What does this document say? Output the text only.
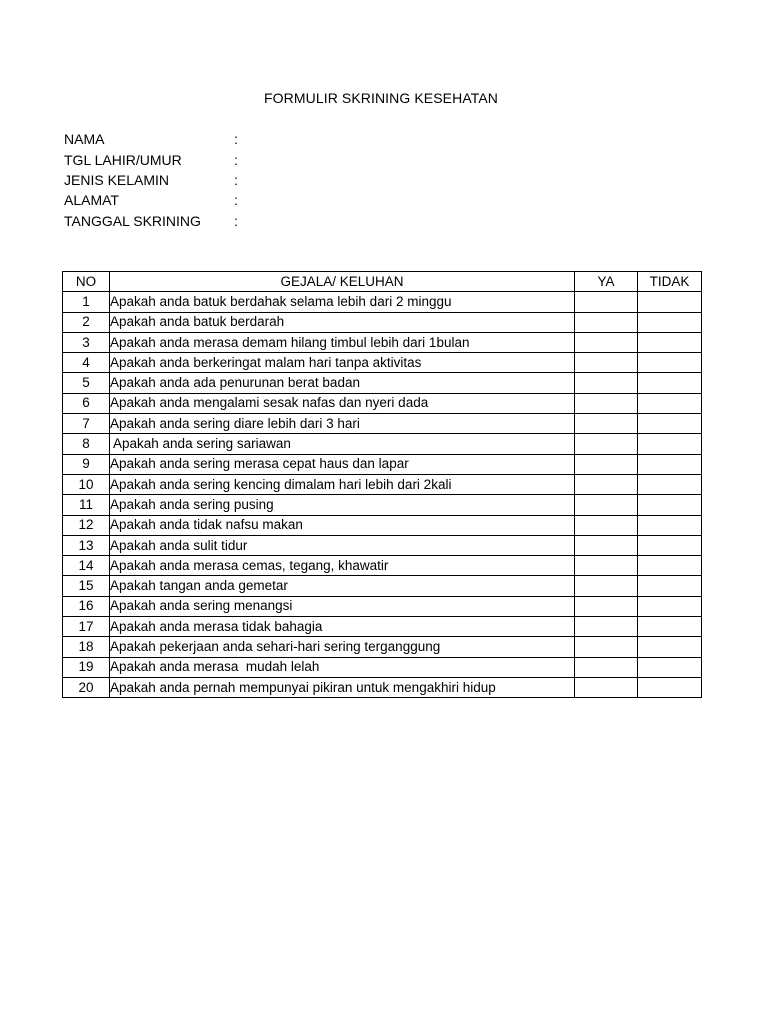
FORMULIR SKRINING KESEHATAN
NAMA	:
TGL LAHIR/UMUR	:
JENIS KELAMIN	:
ALAMAT	:
TANGGAL SKRINING	:
NO	GEJALA/ KELUHAN	YA	TIDAK
1	Apakah anda batuk berdahak selama lebih dari 2 minggu		
2	Apakah anda batuk berdarah		
3	Apakah anda merasa demam hilang timbul lebih dari 1bulan		
4	Apakah anda berkeringat malam hari tanpa aktivitas		
5	Apakah anda ada penurunan berat badan		
6	Apakah anda mengalami sesak nafas dan nyeri dada		
7	Apakah anda sering diare lebih dari 3 hari		
8	Apakah anda sering sariawan		
9	Apakah anda sering merasa cepat haus dan lapar		
10	Apakah anda sering kencing dimalam hari lebih dari 2kali		
11	Apakah anda sering pusing		
12	Apakah anda tidak nafsu makan		
13	Apakah anda sulit tidur		
14	Apakah anda merasa cemas, tegang, khawatir		
15	Apakah tangan anda gemetar		
16	Apakah anda sering menangsi		
17	Apakah anda merasa tidak bahagia		
18	Apakah pekerjaan anda sehari-hari sering terganggung		
19	Apakah anda merasa  mudah lelah		
20	Apakah anda pernah mempunyai pikiran untuk mengakhiri hidup		
